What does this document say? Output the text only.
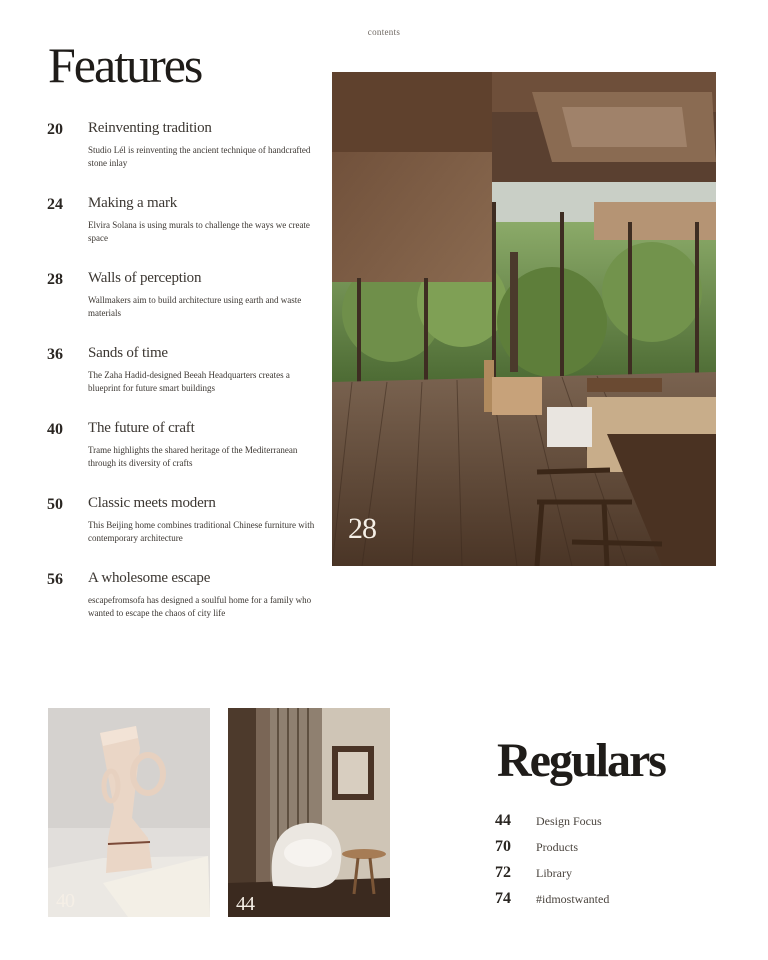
contents
Features
20 Reinventing tradition

Studio Lél is reinventing the ancient technique of handcrafted stone inlay

24 Making a mark

Elvira Solana is using murals to challenge the ways we create space

28 Walls of perception

Wallmakers aim to build architecture using earth and waste materials

36 Sands of time

The Zaha Hadid-designed Beeah Headquarters creates a blueprint for future smart buildings

40 The future of craft

Trame highlights the shared heritage of the Mediterranean through its diversity of crafts

50 Classic meets modern

This Beijing home combines traditional Chinese furniture with contemporary architecture

56 A wholesome escape

escapefromsofa has designed a soulful home for a family who wanted to escape the chaos of city life

28
40	44
Regulars
44 Design Focus
70 Products
72 Library
74 #idmostwanted
